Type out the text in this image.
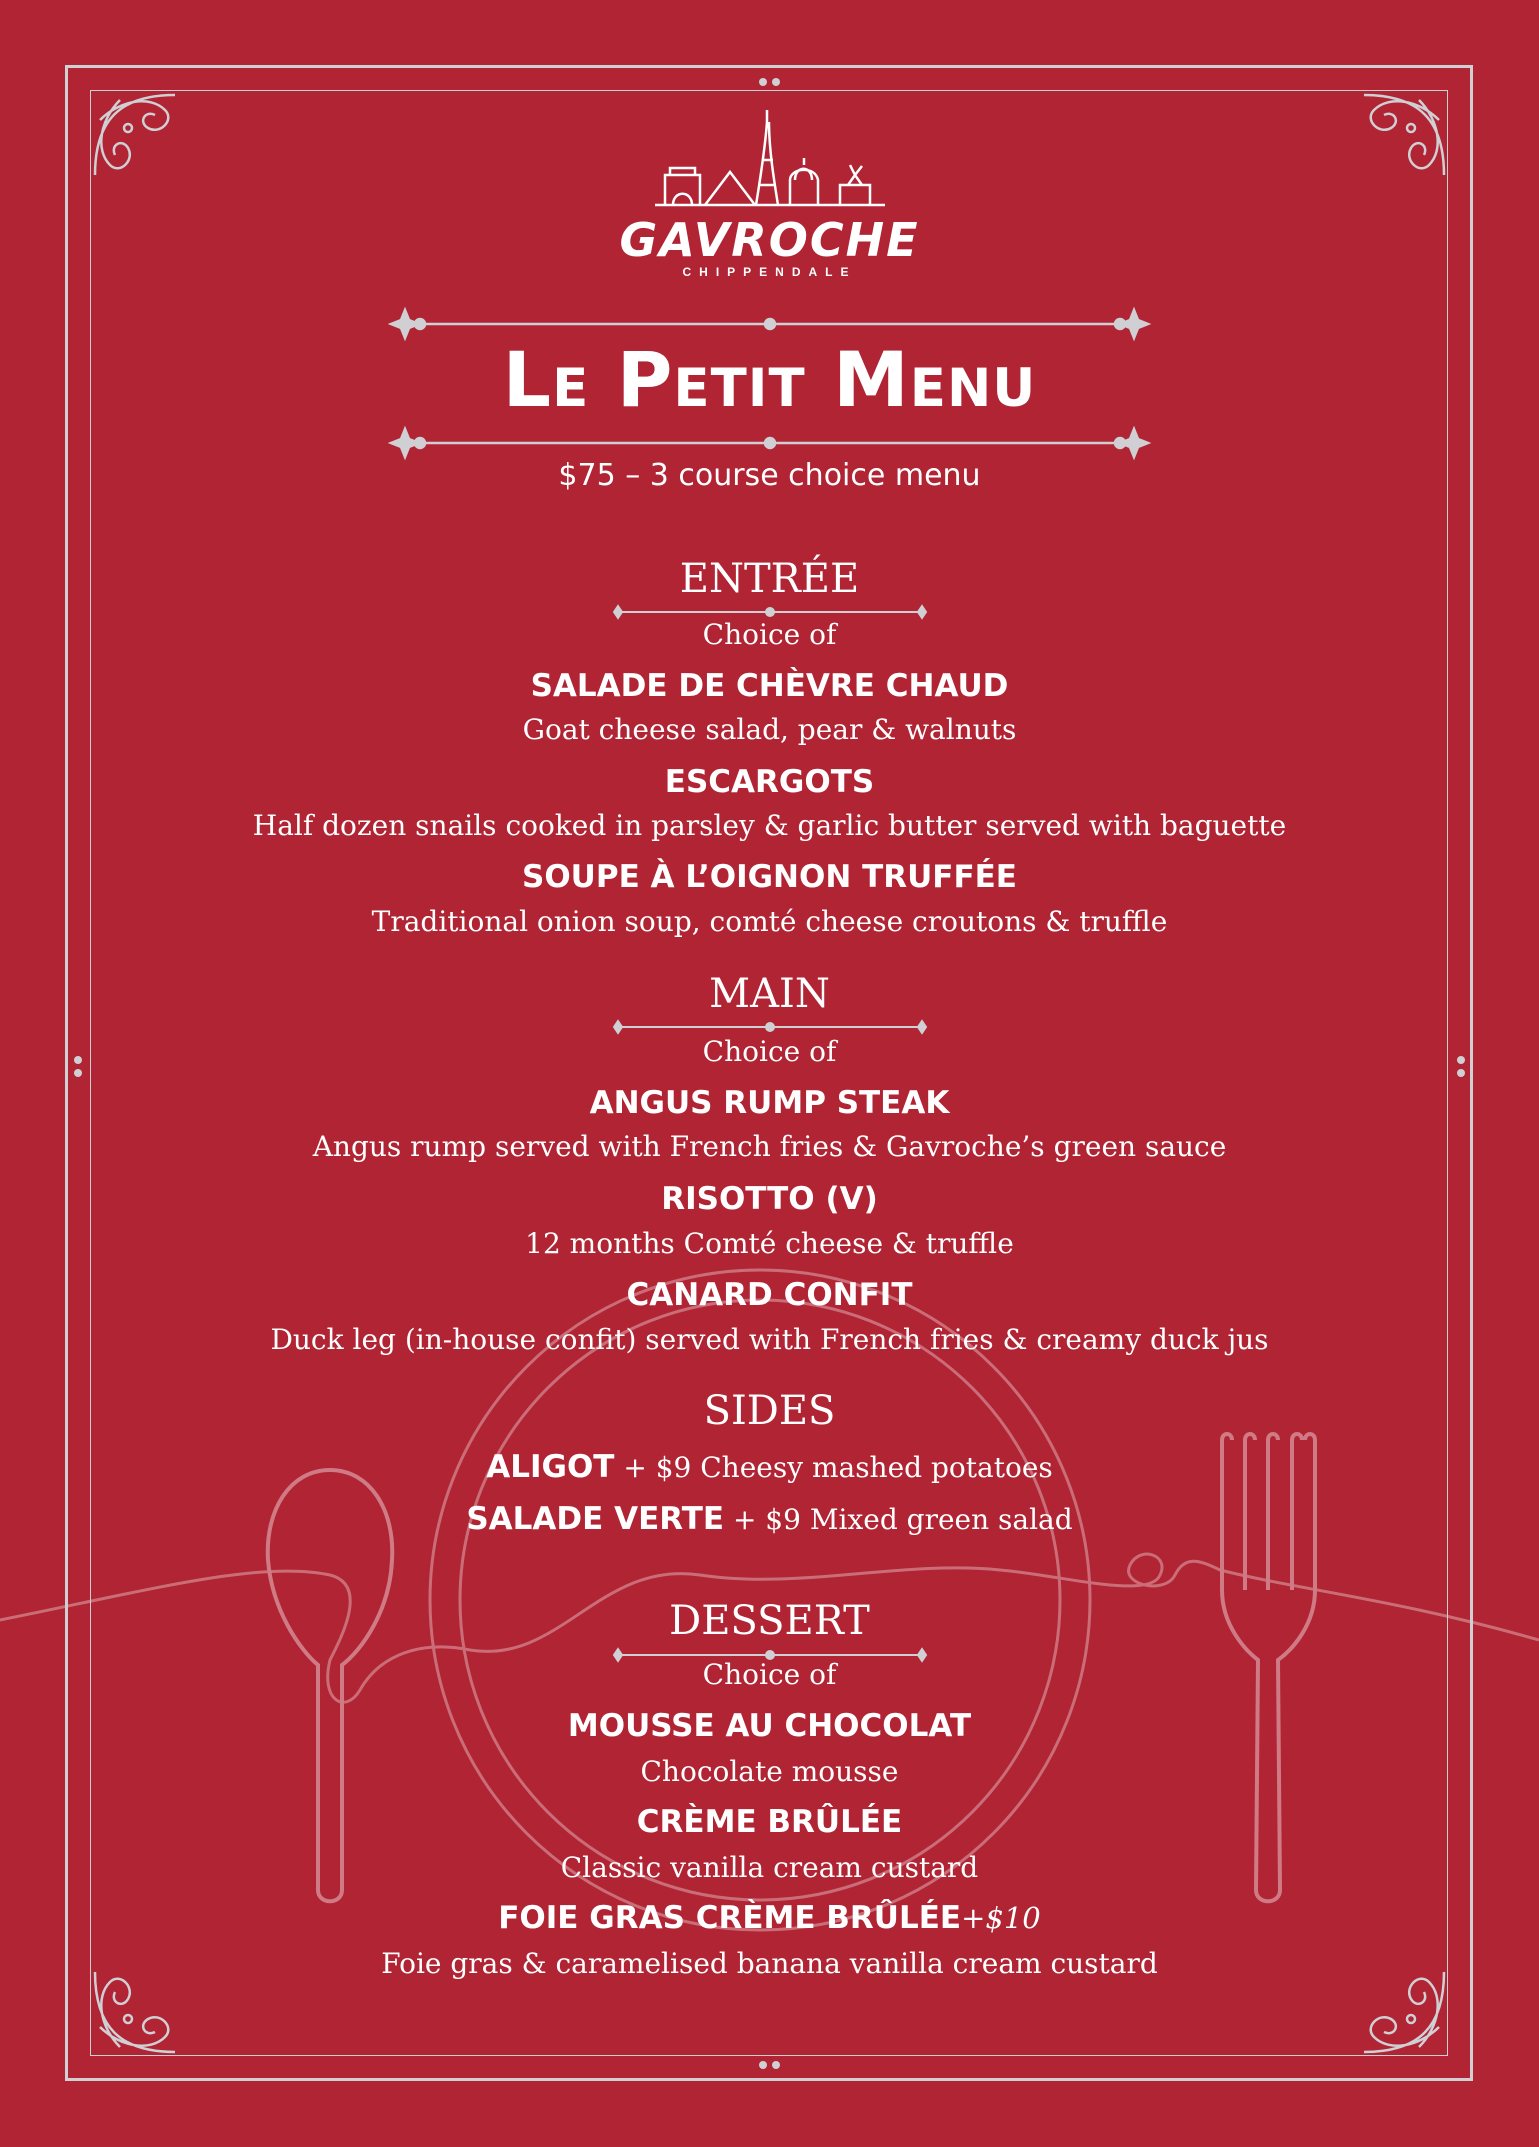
GAVROCHE
CHIPPENDALE
Le Petit Menu
$75 – 3 course choice menu
ENTRÉE
Choice of
SALADE DE CHÈVRE CHAUD
Goat cheese salad, pear & walnuts
ESCARGOTS
Half dozen snails cooked in parsley & garlic butter served with baguette
SOUPE À L’OIGNON TRUFFÉE
Traditional onion soup, comté cheese croutons & truffle
MAIN
Choice of
ANGUS RUMP STEAK
Angus rump served with French fries & Gavroche’s green sauce
RISOTTO (V)
12 months Comté cheese & truffle
CANARD CONFIT
Duck leg (in-house confit) served with French fries & creamy duck jus
SIDES
ALIGOT + $9 Cheesy mashed potatoes
SALADE VERTE + $9 Mixed green salad
DESSERT
Choice of
MOUSSE AU CHOCOLAT
Chocolate mousse
CRÈME BRÛLÉE
Classic vanilla cream custard
FOIE GRAS CRÈME BRÛLÉE+$10
Foie gras & caramelised banana vanilla cream custard
